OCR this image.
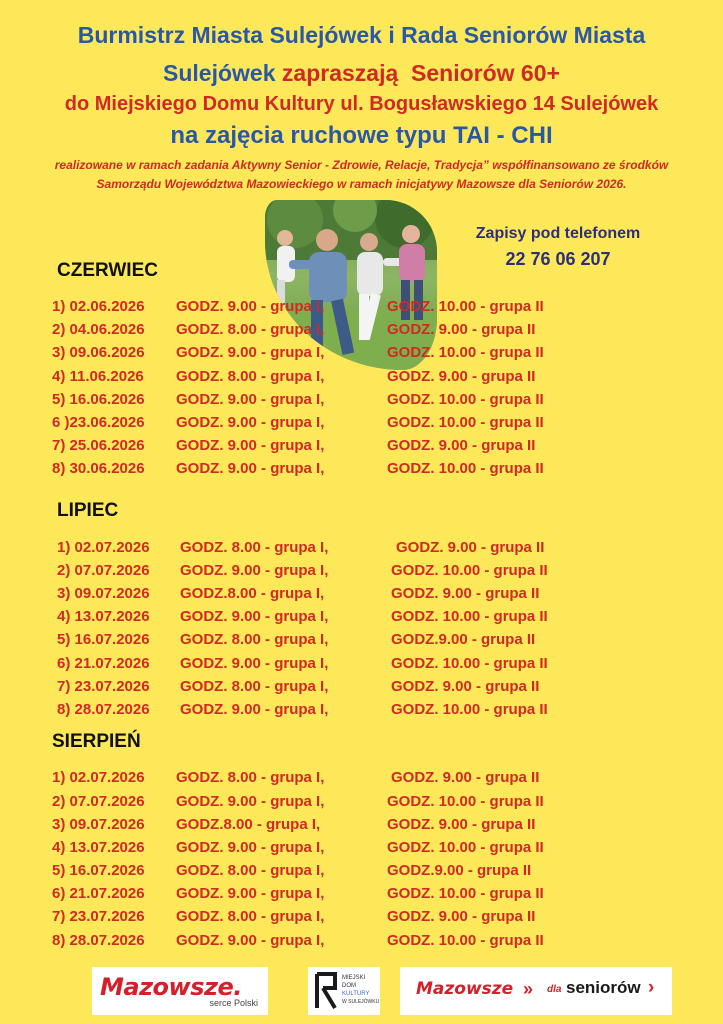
Burmistrz Miasta Sulejówek i Rada Seniorów Miasta
Sulejówek zapraszają  Seniorów 60+
do Miejskiego Domu Kultury ul. Bogusławskiego 14 Sulejówek
na zajęcia ruchowe typu TAI - CHI
realizowane w ramach zadania Aktywny Senior - Zdrowie, Relacje, Tradycja” współfinansowano ze środków
Samorządu Województwa Mazowieckiego w ramach inicjatywy Mazowsze dla Seniorów 2026.
Zapisy pod telefonem
22 76 06 207
CZERWIEC
1) 02.06.2026 GODZ. 9.00 - grupa I,	GODZ. 10.00 - grupa II
2) 04.06.2026 GODZ. 8.00 - grupa I,	GODZ. 9.00 - grupa II
3) 09.06.2026 GODZ. 9.00 - grupa I,	GODZ. 10.00 - grupa II
4) 11.06.2026 GODZ. 8.00 - grupa I,	GODZ. 9.00 - grupa II
5) 16.06.2026 GODZ. 9.00 - grupa I,	GODZ. 10.00 - grupa II
6 )23.06.2026 GODZ. 9.00 - grupa I,	GODZ. 10.00 - grupa II
7) 25.06.2026 GODZ. 9.00 - grupa I,	GODZ. 9.00 - grupa II
8) 30.06.2026 GODZ. 9.00 - grupa I,	GODZ. 10.00 - grupa II
LIPIEC
1) 02.07.2026 GODZ. 8.00 - grupa I,	GODZ. 9.00 - grupa II
2) 07.07.2026 GODZ. 9.00 - grupa I,	GODZ. 10.00 - grupa II
3) 09.07.2026 GODZ.8.00 - grupa I,	GODZ. 9.00 - grupa II
4) 13.07.2026 GODZ. 9.00 - grupa I,	GODZ. 10.00 - grupa II
5) 16.07.2026 GODZ. 8.00 - grupa I,	GODZ.9.00 - grupa II
6) 21.07.2026 GODZ. 9.00 - grupa I,	GODZ. 10.00 - grupa II
7) 23.07.2026 GODZ. 8.00 - grupa I,	GODZ. 9.00 - grupa II
8) 28.07.2026 GODZ. 9.00 - grupa I,	GODZ. 10.00 - grupa II
SIERPIEŃ
1) 02.07.2026 GODZ. 8.00 - grupa I,	GODZ. 9.00 - grupa II
2) 07.07.2026 GODZ. 9.00 - grupa I,	GODZ. 10.00 - grupa II
3) 09.07.2026 GODZ.8.00 - grupa I,	GODZ. 9.00 - grupa II
4) 13.07.2026 GODZ. 9.00 - grupa I,	GODZ. 10.00 - grupa II
5) 16.07.2026 GODZ. 8.00 - grupa I,	GODZ.9.00 - grupa II
6) 21.07.2026 GODZ. 9.00 - grupa I,	GODZ. 10.00 - grupa II
7) 23.07.2026 GODZ. 8.00 - grupa I,	GODZ. 9.00 - grupa II
8) 28.07.2026 GODZ. 9.00 - grupa I,	GODZ. 10.00 - grupa II
Mazowsze.
serce Polski
MIEJSKI
DOM
KULTURY
W SULEJÓWKU
Mazowsze » dla seniorów ›
